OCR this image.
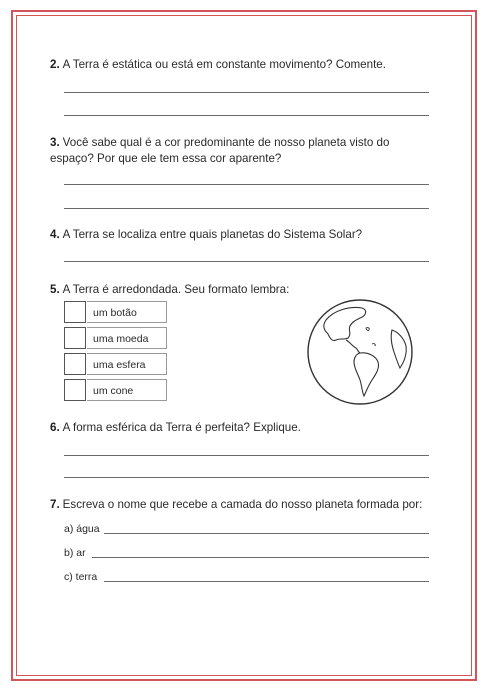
2. A Terra é estática ou está em constante movimento? Comente.
3. Você sabe qual é a cor predominante de nosso planeta visto do
espaço? Por que ele tem essa cor aparente?
4. A Terra se localiza entre quais planetas do Sistema Solar?
5. A Terra é arredondada. Seu formato lembra:
um botão
uma moeda
uma esfera
um cone
6. A forma esférica da Terra é perfeita? Explique.
7. Escreva o nome que recebe a camada do nosso planeta formada por:
a) água
b) ar
c) terra
